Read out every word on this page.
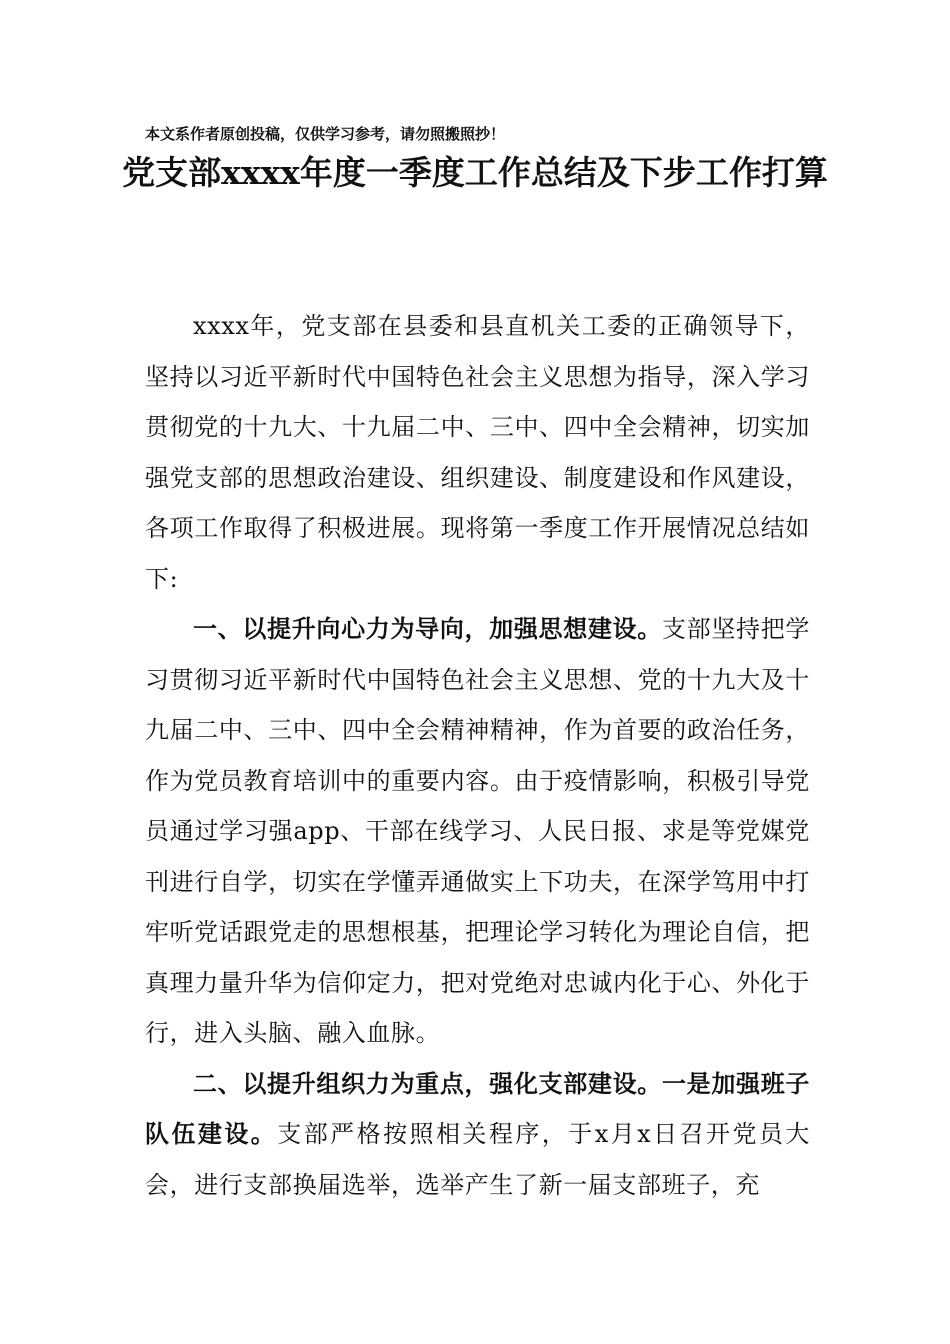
本文系作者原创投稿，仅供学习参考，请勿照搬照抄！
党支部xxxx年度一季度工作总结及下步工作打算

xxxx年，党支部在县委和县直机关工委的正确领导下，坚持以习近平新时代中国特色社会主义思想为指导，深入学习贯彻党的十九大、十九届二中、三中、四中全会精神，切实加强党支部的思想政治建设、组织建设、制度建设和作风建设，各项工作取得了积极进展。现将第一季度工作开展情况总结如下:

一、以提升向心力为导向，加强思想建设。支部坚持把学习贯彻习近平新时代中国特色社会主义思想、党的十九大及十九届二中、三中、四中全会精神精神，作为首要的政治任务，作为党员教育培训中的重要内容。由于疫情影响，积极引导党员通过学习强app、干部在线学习、人民日报、求是等党媒党刊进行自学，切实在学懂弄通做实上下功夫，在深学笃用中打牢听党话跟党走的思想根基，把理论学习转化为理论自信，把真理力量升华为信仰定力，把对党绝对忠诚内化于心、外化于行，进入头脑、融入血脉。

二、以提升组织力为重点，强化支部建设。一是加强班子队伍建设。支部严格按照相关程序，于x月x日召开党员大会，进行支部换届选举，选举产生了新一届支部班子，充
